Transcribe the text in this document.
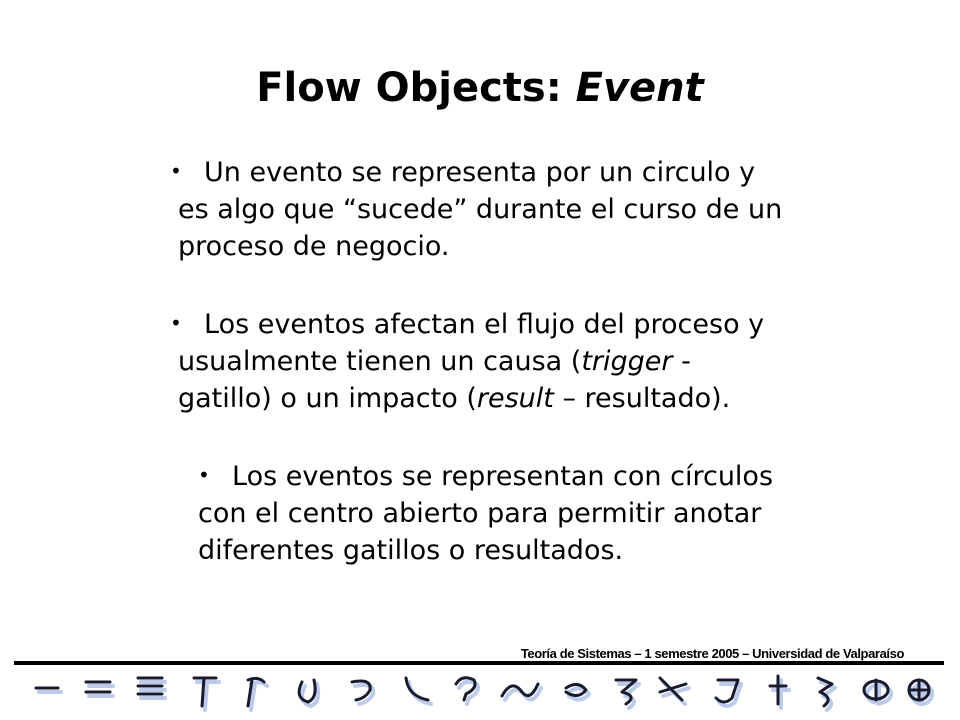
Flow Objects: Event
• Un evento se representa por un circulo y
es algo que “sucede” durante el curso de un
proceso de negocio.
• Los eventos afectan el flujo del proceso y
usualmente tienen un causa (trigger -
gatillo) o un impacto (result – resultado).
• Los eventos se representan con círculos
con el centro abierto para permitir anotar
diferentes gatillos o resultados.
Teoría de Sistemas – 1 semestre 2005 – Universidad de Valparaíso
